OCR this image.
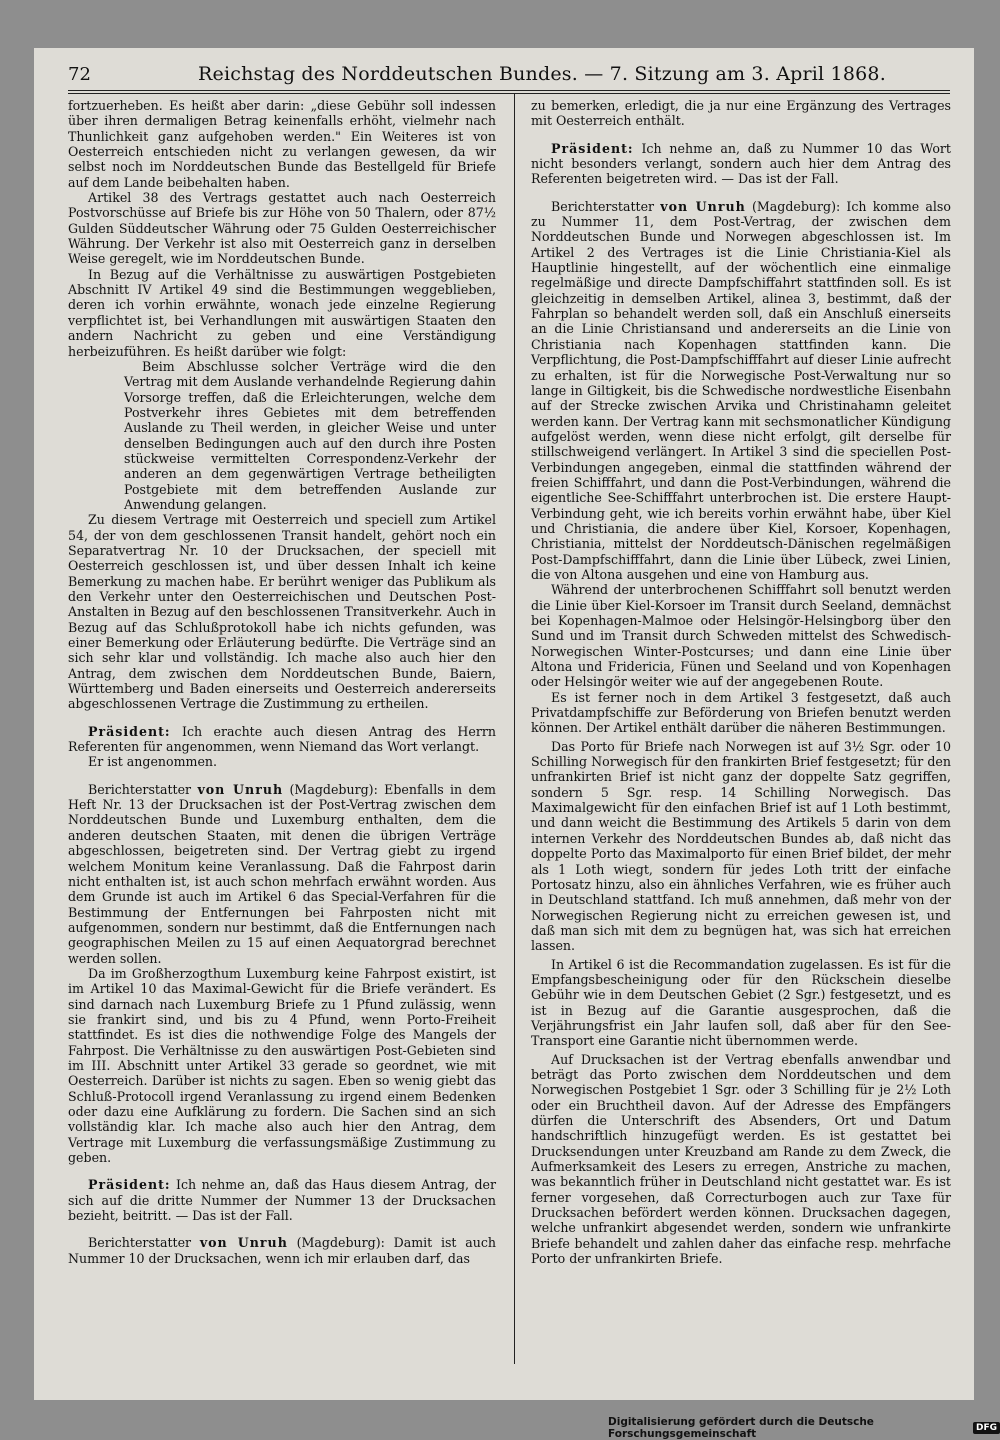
72	Reichstag des Norddeutschen Bundes. — 7. Sitzung am 3. April 1868.

fortzuerheben. Es heißt aber darin: „diese Gebühr soll indessen über ihren dermaligen Betrag keinenfalls erhöht, vielmehr nach Thunlichkeit ganz aufgehoben werden." Ein Weiteres ist von Oesterreich entschieden nicht zu verlangen gewesen, da wir selbst noch im Norddeutschen Bunde das Bestellgeld für Briefe auf dem Lande beibehalten haben.

Artikel 38 des Vertrags gestattet auch nach Oesterreich Postvorschüsse auf Briefe bis zur Höhe von 50 Thalern, oder 87½ Gulden Süddeutscher Währung oder 75 Gulden Oesterreichischer Währung. Der Verkehr ist also mit Oesterreich ganz in derselben Weise geregelt, wie im Norddeutschen Bunde.

In Bezug auf die Verhältnisse zu auswärtigen Postgebieten Abschnitt IV Artikel 49 sind die Bestimmungen weggeblieben, deren ich vorhin erwähnte, wonach jede einzelne Regierung verpflichtet ist, bei Verhandlungen mit auswärtigen Staaten den andern Nachricht zu geben und eine Verständigung herbeizuführen. Es heißt darüber wie folgt:

Beim Abschlusse solcher Verträge wird die den Vertrag mit dem Auslande verhandelnde Regierung dahin Vorsorge treffen, daß die Erleichterungen, welche dem Postverkehr ihres Gebietes mit dem betreffenden Auslande zu Theil werden, in gleicher Weise und unter denselben Bedingungen auch auf den durch ihre Posten stückweise vermittelten Correspondenz-Verkehr der anderen an dem gegenwärtigen Vertrage betheiligten Postgebiete mit dem betreffenden Auslande zur Anwendung gelangen.

Zu diesem Vertrage mit Oesterreich und speciell zum Artikel 54, der von dem geschlossenen Transit handelt, gehört noch ein Separatvertrag Nr. 10 der Drucksachen, der speciell mit Oesterreich geschlossen ist, und über dessen Inhalt ich keine Bemerkung zu machen habe. Er berührt weniger das Publikum als den Verkehr unter den Oesterreichischen und Deutschen Post-Anstalten in Bezug auf den beschlossenen Transitverkehr. Auch in Bezug auf das Schlußprotokoll habe ich nichts gefunden, was einer Bemerkung oder Erläuterung bedürfte. Die Verträge sind an sich sehr klar und vollständig. Ich mache also auch hier den Antrag, dem zwischen dem Norddeutschen Bunde, Baiern, Württemberg und Baden einerseits und Oesterreich andererseits abgeschlossenen Vertrage die Zustimmung zu ertheilen.

Präsident: Ich erachte auch diesen Antrag des Herrn Referenten für angenommen, wenn Niemand das Wort verlangt.

Er ist angenommen.

Berichterstatter von Unruh (Magdeburg): Ebenfalls in dem Heft Nr. 13 der Drucksachen ist der Post-Vertrag zwischen dem Norddeutschen Bunde und Luxemburg enthalten, dem die anderen deutschen Staaten, mit denen die übrigen Verträge abgeschlossen, beigetreten sind. Der Vertrag giebt zu irgend welchem Monitum keine Veranlassung. Daß die Fahrpost darin nicht enthalten ist, ist auch schon mehrfach erwähnt worden. Aus dem Grunde ist auch im Artikel 6 das Special-Verfahren für die Bestimmung der Entfernungen bei Fahrposten nicht mit aufgenommen, sondern nur bestimmt, daß die Entfernungen nach geographischen Meilen zu 15 auf einen Aequatorgrad berechnet werden sollen.

Da im Großherzogthum Luxemburg keine Fahrpost existirt, ist im Artikel 10 das Maximal-Gewicht für die Briefe verändert. Es sind darnach nach Luxemburg Briefe zu 1 Pfund zulässig, wenn sie frankirt sind, und bis zu 4 Pfund, wenn Porto-Freiheit stattfindet. Es ist dies die nothwendige Folge des Mangels der Fahrpost. Die Verhältnisse zu den auswärtigen Post-Gebieten sind im III. Abschnitt unter Artikel 33 gerade so geordnet, wie mit Oesterreich. Darüber ist nichts zu sagen. Eben so wenig giebt das Schluß-Protocoll irgend Veranlassung zu irgend einem Bedenken oder dazu eine Aufklärung zu fordern. Die Sachen sind an sich vollständig klar. Ich mache also auch hier den Antrag, dem Vertrage mit Luxemburg die verfassungsmäßige Zustimmung zu geben.

Präsident: Ich nehme an, daß das Haus diesem Antrag, der sich auf die dritte Nummer der Nummer 13 der Drucksachen bezieht, beitritt. — Das ist der Fall.

Berichterstatter von Unruh (Magdeburg): Damit ist auch Nummer 10 der Drucksachen, wenn ich mir erlauben darf, das

zu bemerken, erledigt, die ja nur eine Ergänzung des Vertrages mit Oesterreich enthält.

Präsident: Ich nehme an, daß zu Nummer 10 das Wort nicht besonders verlangt, sondern auch hier dem Antrag des Referenten beigetreten wird. — Das ist der Fall.

Berichterstatter von Unruh (Magdeburg): Ich komme also zu Nummer 11, dem Post-Vertrag, der zwischen dem Norddeutschen Bunde und Norwegen abgeschlossen ist. Im Artikel 2 des Vertrages ist die Linie Christiania-Kiel als Hauptlinie hingestellt, auf der wöchentlich eine einmalige regelmäßige und directe Dampfschiffahrt stattfinden soll. Es ist gleichzeitig in demselben Artikel, alinea 3, bestimmt, daß der Fahrplan so behandelt werden soll, daß ein Anschluß einerseits an die Linie Christiansand und andererseits an die Linie von Christiania nach Kopenhagen stattfinden kann. Die Verpflichtung, die Post-Dampfschifffahrt auf dieser Linie aufrecht zu erhalten, ist für die Norwegische Post-Verwaltung nur so lange in Giltigkeit, bis die Schwedische nordwestliche Eisenbahn auf der Strecke zwischen Arvika und Christinahamn geleitet werden kann. Der Vertrag kann mit sechsmonatlicher Kündigung aufgelöst werden, wenn diese nicht erfolgt, gilt derselbe für stillschweigend verlängert. In Artikel 3 sind die speciellen Post-Verbindungen angegeben, einmal die stattfinden während der freien Schifffahrt, und dann die Post-Verbindungen, während die eigentliche See-Schifffahrt unterbrochen ist. Die erstere Haupt-Verbindung geht, wie ich bereits vorhin erwähnt habe, über Kiel und Christiania, die andere über Kiel, Korsoer, Kopenhagen, Christiania, mittelst der Norddeutsch-Dänischen regelmäßigen Post-Dampfschifffahrt, dann die Linie über Lübeck, zwei Linien, die von Altona ausgehen und eine von Hamburg aus.

Während der unterbrochenen Schifffahrt soll benutzt werden die Linie über Kiel-Korsoer im Transit durch Seeland, demnächst bei Kopenhagen-Malmoe oder Helsingör-Helsingborg über den Sund und im Transit durch Schweden mittelst des Schwedisch-Norwegischen Winter-Postcurses; und dann eine Linie über Altona und Fridericia, Fünen und Seeland und von Kopenhagen oder Helsingör weiter wie auf der angegebenen Route.

Es ist ferner noch in dem Artikel 3 festgesetzt, daß auch Privatdampfschiffe zur Beförderung von Briefen benutzt werden können. Der Artikel enthält darüber die näheren Bestimmungen.

Das Porto für Briefe nach Norwegen ist auf 3½ Sgr. oder 10 Schilling Norwegisch für den frankirten Brief festgesetzt; für den unfrankirten Brief ist nicht ganz der doppelte Satz gegriffen, sondern 5 Sgr. resp. 14 Schilling Norwegisch. Das Maximalgewicht für den einfachen Brief ist auf 1 Loth bestimmt, und dann weicht die Bestimmung des Artikels 5 darin von dem internen Verkehr des Norddeutschen Bundes ab, daß nicht das doppelte Porto das Maximalporto für einen Brief bildet, der mehr als 1 Loth wiegt, sondern für jedes Loth tritt der einfache Portosatz hinzu, also ein ähnliches Verfahren, wie es früher auch in Deutschland stattfand. Ich muß annehmen, daß mehr von der Norwegischen Regierung nicht zu erreichen gewesen ist, und daß man sich mit dem zu begnügen hat, was sich hat erreichen lassen.

In Artikel 6 ist die Recommandation zugelassen. Es ist für die Empfangsbescheinigung oder für den Rückschein dieselbe Gebühr wie in dem Deutschen Gebiet (2 Sgr.) festgesetzt, und es ist in Bezug auf die Garantie ausgesprochen, daß die Verjährungsfrist ein Jahr laufen soll, daß aber für den See-Transport eine Garantie nicht übernommen werde.

Auf Drucksachen ist der Vertrag ebenfalls anwendbar und beträgt das Porto zwischen dem Norddeutschen und dem Norwegischen Postgebiet 1 Sgr. oder 3 Schilling für je 2½ Loth oder ein Bruchtheil davon. Auf der Adresse des Empfängers dürfen die Unterschrift des Absenders, Ort und Datum handschriftlich hinzugefügt werden. Es ist gestattet bei Drucksendungen unter Kreuzband am Rande zu dem Zweck, die Aufmerksamkeit des Lesers zu erregen, Anstriche zu machen, was bekanntlich früher in Deutschland nicht gestattet war. Es ist ferner vorgesehen, daß Correcturbogen auch zur Taxe für Drucksachen befördert werden können. Drucksachen dagegen, welche unfrankirt abgesendet werden, sondern wie unfrankirte Briefe behandelt und zahlen daher das einfache resp. mehrfache Porto der unfrankirten Briefe.

Digitalisierung gefördert durch die Deutsche Forschungsgemeinschaft	DFG
